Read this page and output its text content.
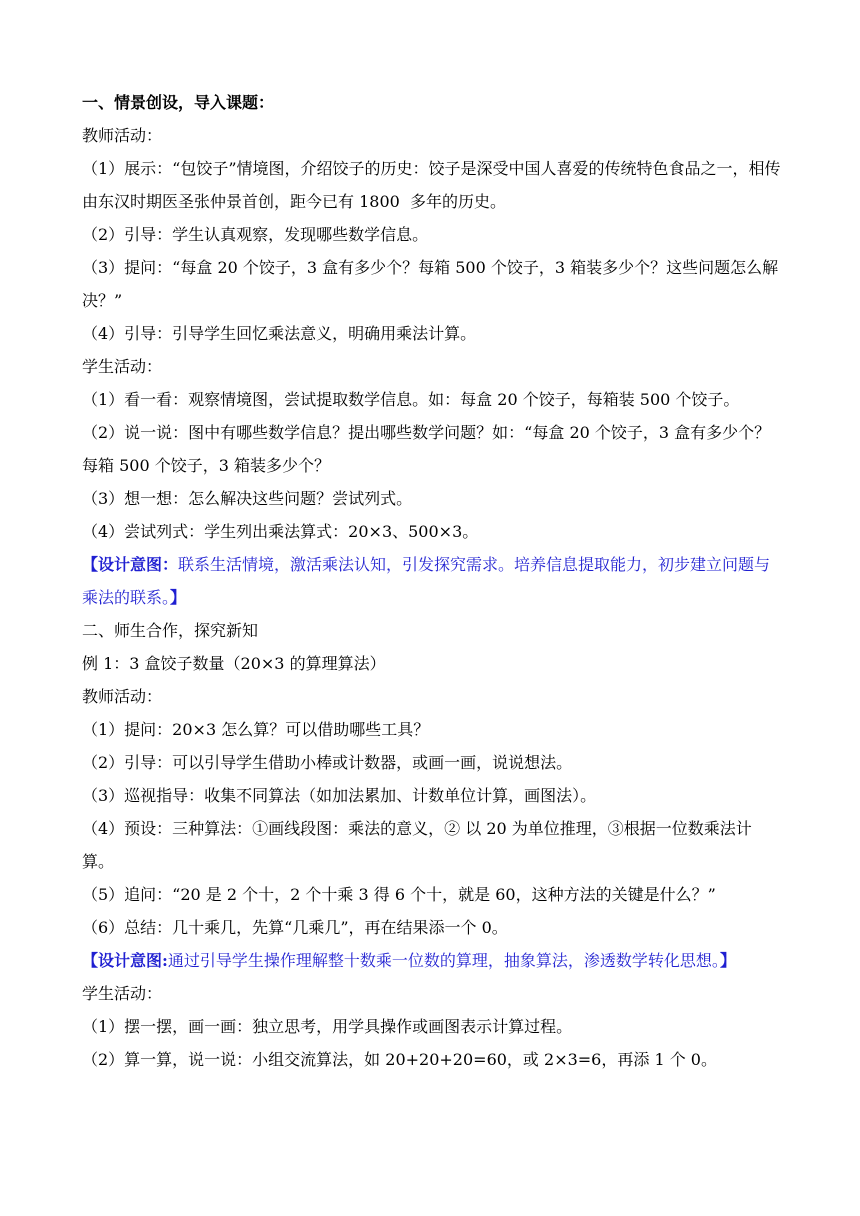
一、情景创设，导入课题：
教师活动：
（1）展示：“包饺子”情境图，介绍饺子的历史：饺子是深受中国人喜爱的传统特色食品之一，相传由东汉时期医圣张仲景首创，距今已有 1800  多年的历史。
（2）引导：学生认真观察，发现哪些数学信息。
（3）提问：“每盒 20 个饺子，3 盒有多少个？每箱 500 个饺子，3 箱装多少个？这些问题怎么解决？”
（4）引导：引导学生回忆乘法意义，明确用乘法计算。
学生活动：
（1）看一看：观察情境图，尝试提取数学信息。如：每盒 20 个饺子，每箱装 500 个饺子。
（2）说一说：图中有哪些数学信息？提出哪些数学问题？如：“每盒 20 个饺子，3 盒有多少个？每箱 500 个饺子，3 箱装多少个？
（3）想一想：怎么解决这些问题？尝试列式。
（4）尝试列式：学生列出乘法算式：20×3、500×3。
【设计意图：联系生活情境，激活乘法认知，引发探究需求。培养信息提取能力，初步建立问题与乘法的联系。】
二、师生合作，探究新知
例 1：3 盒饺子数量（20×3 的算理算法）
教师活动：
（1）提问：20×3 怎么算？可以借助哪些工具？
（2）引导：可以引导学生借助小棒或计数器，或画一画，说说想法。
（3）巡视指导：收集不同算法（如加法累加、计数单位计算，画图法）。
（4）预设：三种算法：①画线段图：乘法的意义，② 以 20 为单位推理，③根据一位数乘法计算。
（5）追问：“20 是 2 个十，2 个十乘 3 得 6 个十，就是 60，这种方法的关键是什么？”
（6）总结：几十乘几，先算“几乘几”，再在结果添一个 0。
【设计意图:通过引导学生操作理解整十数乘一位数的算理，抽象算法，渗透数学转化思想。】
学生活动：
（1）摆一摆，画一画：独立思考，用学具操作或画图表示计算过程。
（2）算一算，说一说：小组交流算法，如 20+20+20=60，或 2×3=6，再添 1 个 0。
